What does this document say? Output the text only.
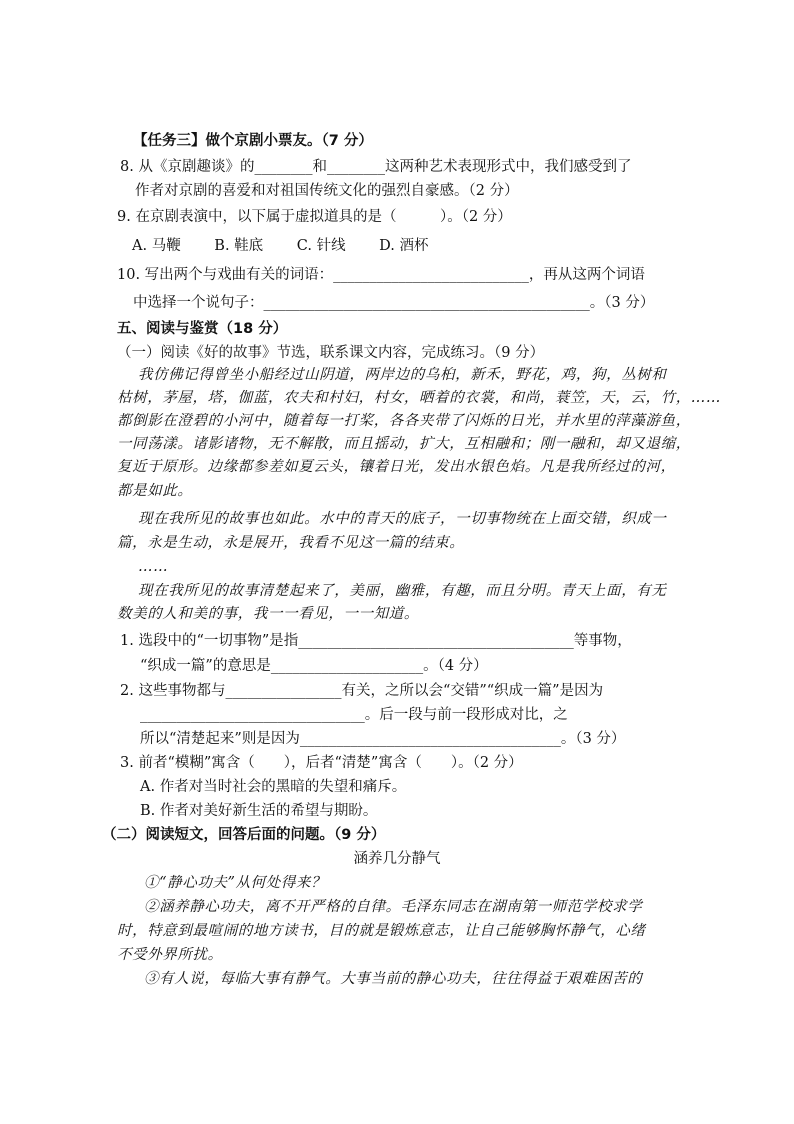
【任务三】做个京剧小票友。（7 分）
8. 从《京剧趣谈》的________和________这两种艺术表现形式中，我们感受到了
作者对京剧的喜爱和对祖国传统文化的强烈自豪感。（2 分）
9. 在京剧表演中，以下属于虚拟道具的是（　　　）。（2 分）
A. 马鞭　　 B. 鞋底　　 C. 针线　　 D. 酒杯
10. 写出两个与戏曲有关的词语：___________________________，再从这两个词语
中选择一个说句子：_____________________________________________。（3 分）
五、阅读与鉴赏（18 分）
（一）阅读《好的故事》节选，联系课文内容，完成练习。（9 分）
我仿佛记得曾坐小船经过山阴道，两岸边的乌桕，新禾，野花，鸡，狗，丛树和
枯树，茅屋，塔，伽蓝，农夫和村妇，村女，晒着的衣裳，和尚，蓑笠，天，云，竹，……
都倒影在澄碧的小河中，随着每一打桨，各各夹带了闪烁的日光，并水里的萍藻游鱼，
一同荡漾。诸影诸物，无不解散，而且摇动，扩大，互相融和；刚一融和，却又退缩，
复近于原形。边缘都参差如夏云头，镶着日光，发出水银色焰。凡是我所经过的河，
都是如此。
现在我所见的故事也如此。水中的青天的底子，一切事物统在上面交错，织成一
篇，永是生动，永是展开，我看不见这一篇的结束。
……
现在我所见的故事清楚起来了，美丽，幽雅，有趣，而且分明。青天上面，有无
数美的人和美的事，我一一看见，一一知道。
1. 选段中的“一切事物”是指______________________________________等事物，
“织成一篇”的意思是_____________________。（4 分）
2. 这些事物都与________________有关，之所以会“交错”“织成一篇”是因为
_______________________________。后一段与前一段形成对比，之
所以“清楚起来”则是因为____________________________________。（3 分）
3. 前者“模糊”寓含（　　），后者“清楚”寓含（　　）。（2 分）
A. 作者对当时社会的黑暗的失望和痛斥。
B. 作者对美好新生活的希望与期盼。
（二）阅读短文，回答后面的问题。（9 分）
涵养几分静气
①“静心功夫”从何处得来？
②涵养静心功夫，离不开严格的自律。毛泽东同志在湖南第一师范学校求学
时，特意到最喧闹的地方读书，目的就是锻炼意志，让自己能够胸怀静气，心绪
不受外界所扰。
③有人说，每临大事有静气。大事当前的静心功夫，往往得益于艰难困苦的
